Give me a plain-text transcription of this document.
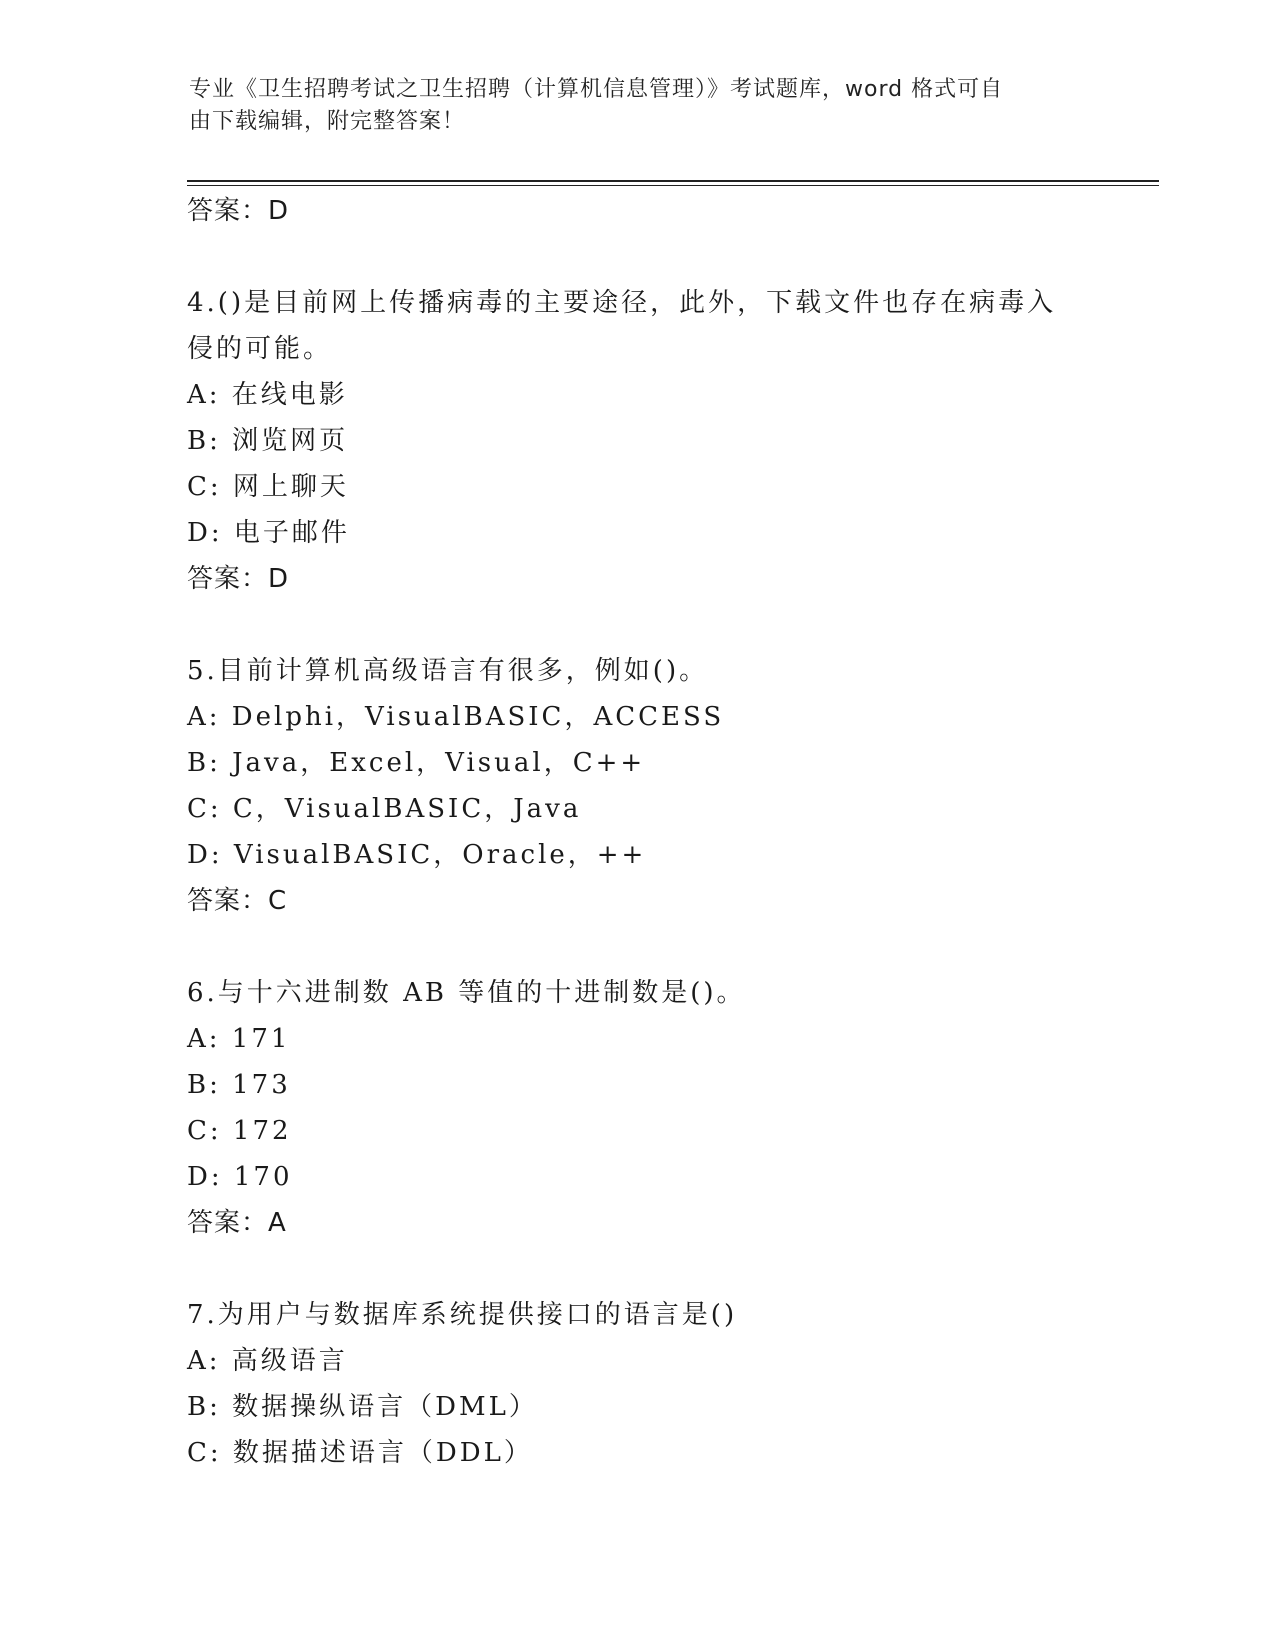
专业《卫生招聘考试之卫生招聘（计算机信息管理）》考试题库，word 格式可自
由下载编辑，附完整答案！

答案：D

4.()是目前网上传播病毒的主要途径，此外，下载文件也存在病毒入

侵的可能。

A: 在线电影

B: 浏览网页

C: 网上聊天

D: 电子邮件

答案：D

5.目前计算机高级语言有很多，例如()。

A: Delphi，VisualBASIC，ACCESS

B: Java，Excel，Visual，C++

C: C，VisualBASIC，Java

D: VisualBASIC，Oracle，++

答案：C

6.与十六进制数 AB 等值的十进制数是()。

A: 171

B: 173

C: 172

D: 170

答案：A

7.为用户与数据库系统提供接口的语言是()

A: 高级语言

B: 数据操纵语言（DML）

C: 数据描述语言（DDL）
